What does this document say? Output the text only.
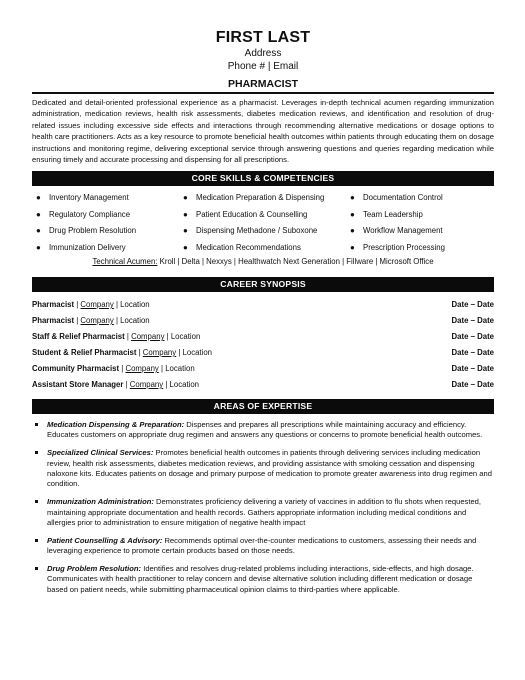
FIRST LAST
Address
Phone # | Email
PHARMACIST
Dedicated and detail-oriented professional experience as a pharmacist. Leverages in-depth technical acumen regarding immunization administration, medication reviews, health risk assessments, diabetes medication reviews, and identification and resolution of drug-related issues including excessive side effects and interactions through recommending alternative medications or dosage options to health care practitioners. Acts as a key resource to promote beneficial health outcomes within patients through educating them on dosage instructions and monitoring regime, delivering exceptional service through answering questions and queries regarding medication while ensuring timely and accurate processing and dispensing for all prescriptions.
CORE SKILLS & COMPETENCIES
● Inventory Management
● Regulatory Compliance
● Drug Problem Resolution
● Immunization Delivery
● Medication Preparation & Dispensing
● Patient Education & Counselling
● Dispensing Methadone / Suboxone
● Medication Recommendations
● Documentation Control
● Team Leadership
● Workflow Management
● Prescription Processing
Technical Acumen: Kroll | Delta | Nexxys | Healthwatch Next Generation | Fillware | Microsoft Office
CAREER SYNOPSIS
Pharmacist | Company | Location	Date – Date
Pharmacist | Company | Location	Date – Date
Staff & Relief Pharmacist | Company | Location	Date – Date
Student & Relief Pharmacist | Company | Location	Date – Date
Community Pharmacist | Company | Location	Date – Date
Assistant Store Manager | Company | Location	Date – Date
AREAS OF EXPERTISE
Medication Dispensing & Preparation: Dispenses and prepares all prescriptions while maintaining accuracy and efficiency. Educates customers on appropriate drug regimen and answers any questions or concerns to promote beneficial health outcomes.
Specialized Clinical Services: Promotes beneficial health outcomes in patients through delivering services including medication review, health risk assessments, diabetes medication reviews, and providing assistance with smoking cessation and dispensing naloxone kits. Educates patients on dosage and primary purpose of medication to promote greater awareness into drug regimen and condition.
Immunization Administration: Demonstrates proficiency delivering a variety of vaccines in addition to flu shots when requested, maintaining appropriate documentation and health records. Gathers appropriate information including medical conditions and allergies prior to administration to ensure mitigation of negative health impact
Patient Counselling & Advisory: Recommends optimal over-the-counter medications to customers, assessing their needs and leveraging experience to promote certain products based on those needs.
Drug Problem Resolution: Identifies and resolves drug-related problems including interactions, side-effects, and high dosage. Communicates with health practitioner to relay concern and devise alternative solution including different medication or dosage based on patient needs, while submitting pharmaceutical opinion claims to third-parties where applicable.
